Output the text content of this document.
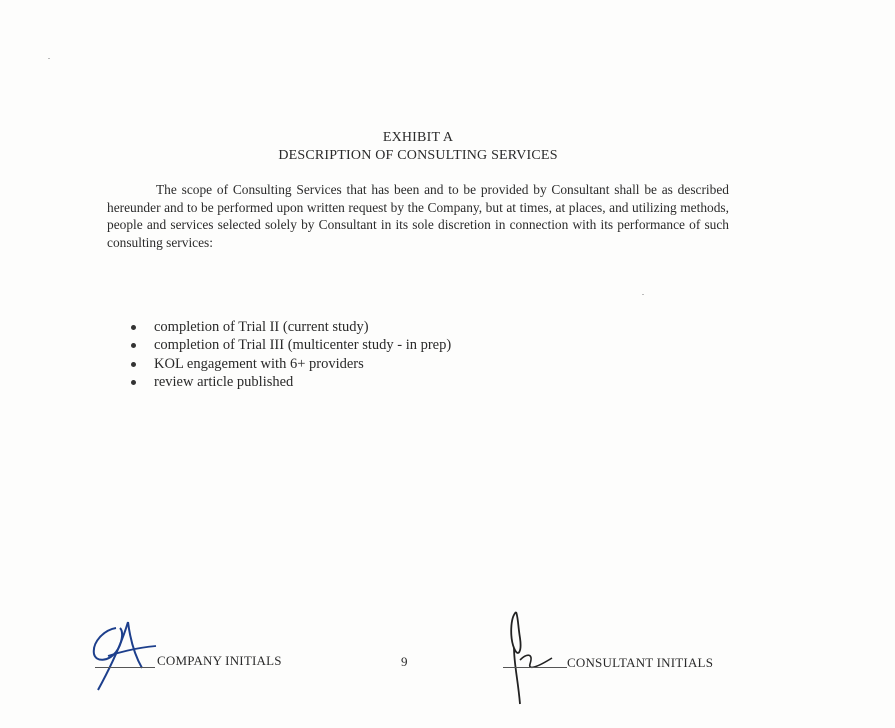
EXHIBIT A
DESCRIPTION OF CONSULTING SERVICES
The scope of Consulting Services that has been and to be provided by Consultant shall be as described hereunder and to be performed upon written request by the Company, but at times, at places, and utilizing methods, people and services selected solely by Consultant in its sole discretion in connection with its performance of such consulting services:
completion of Trial II (current study)
completion of Trial III (multicenter study - in prep)
KOL engagement with 6+ providers
review article published
COMPANY INITIALS	9	CONSULTANT INITIALS
